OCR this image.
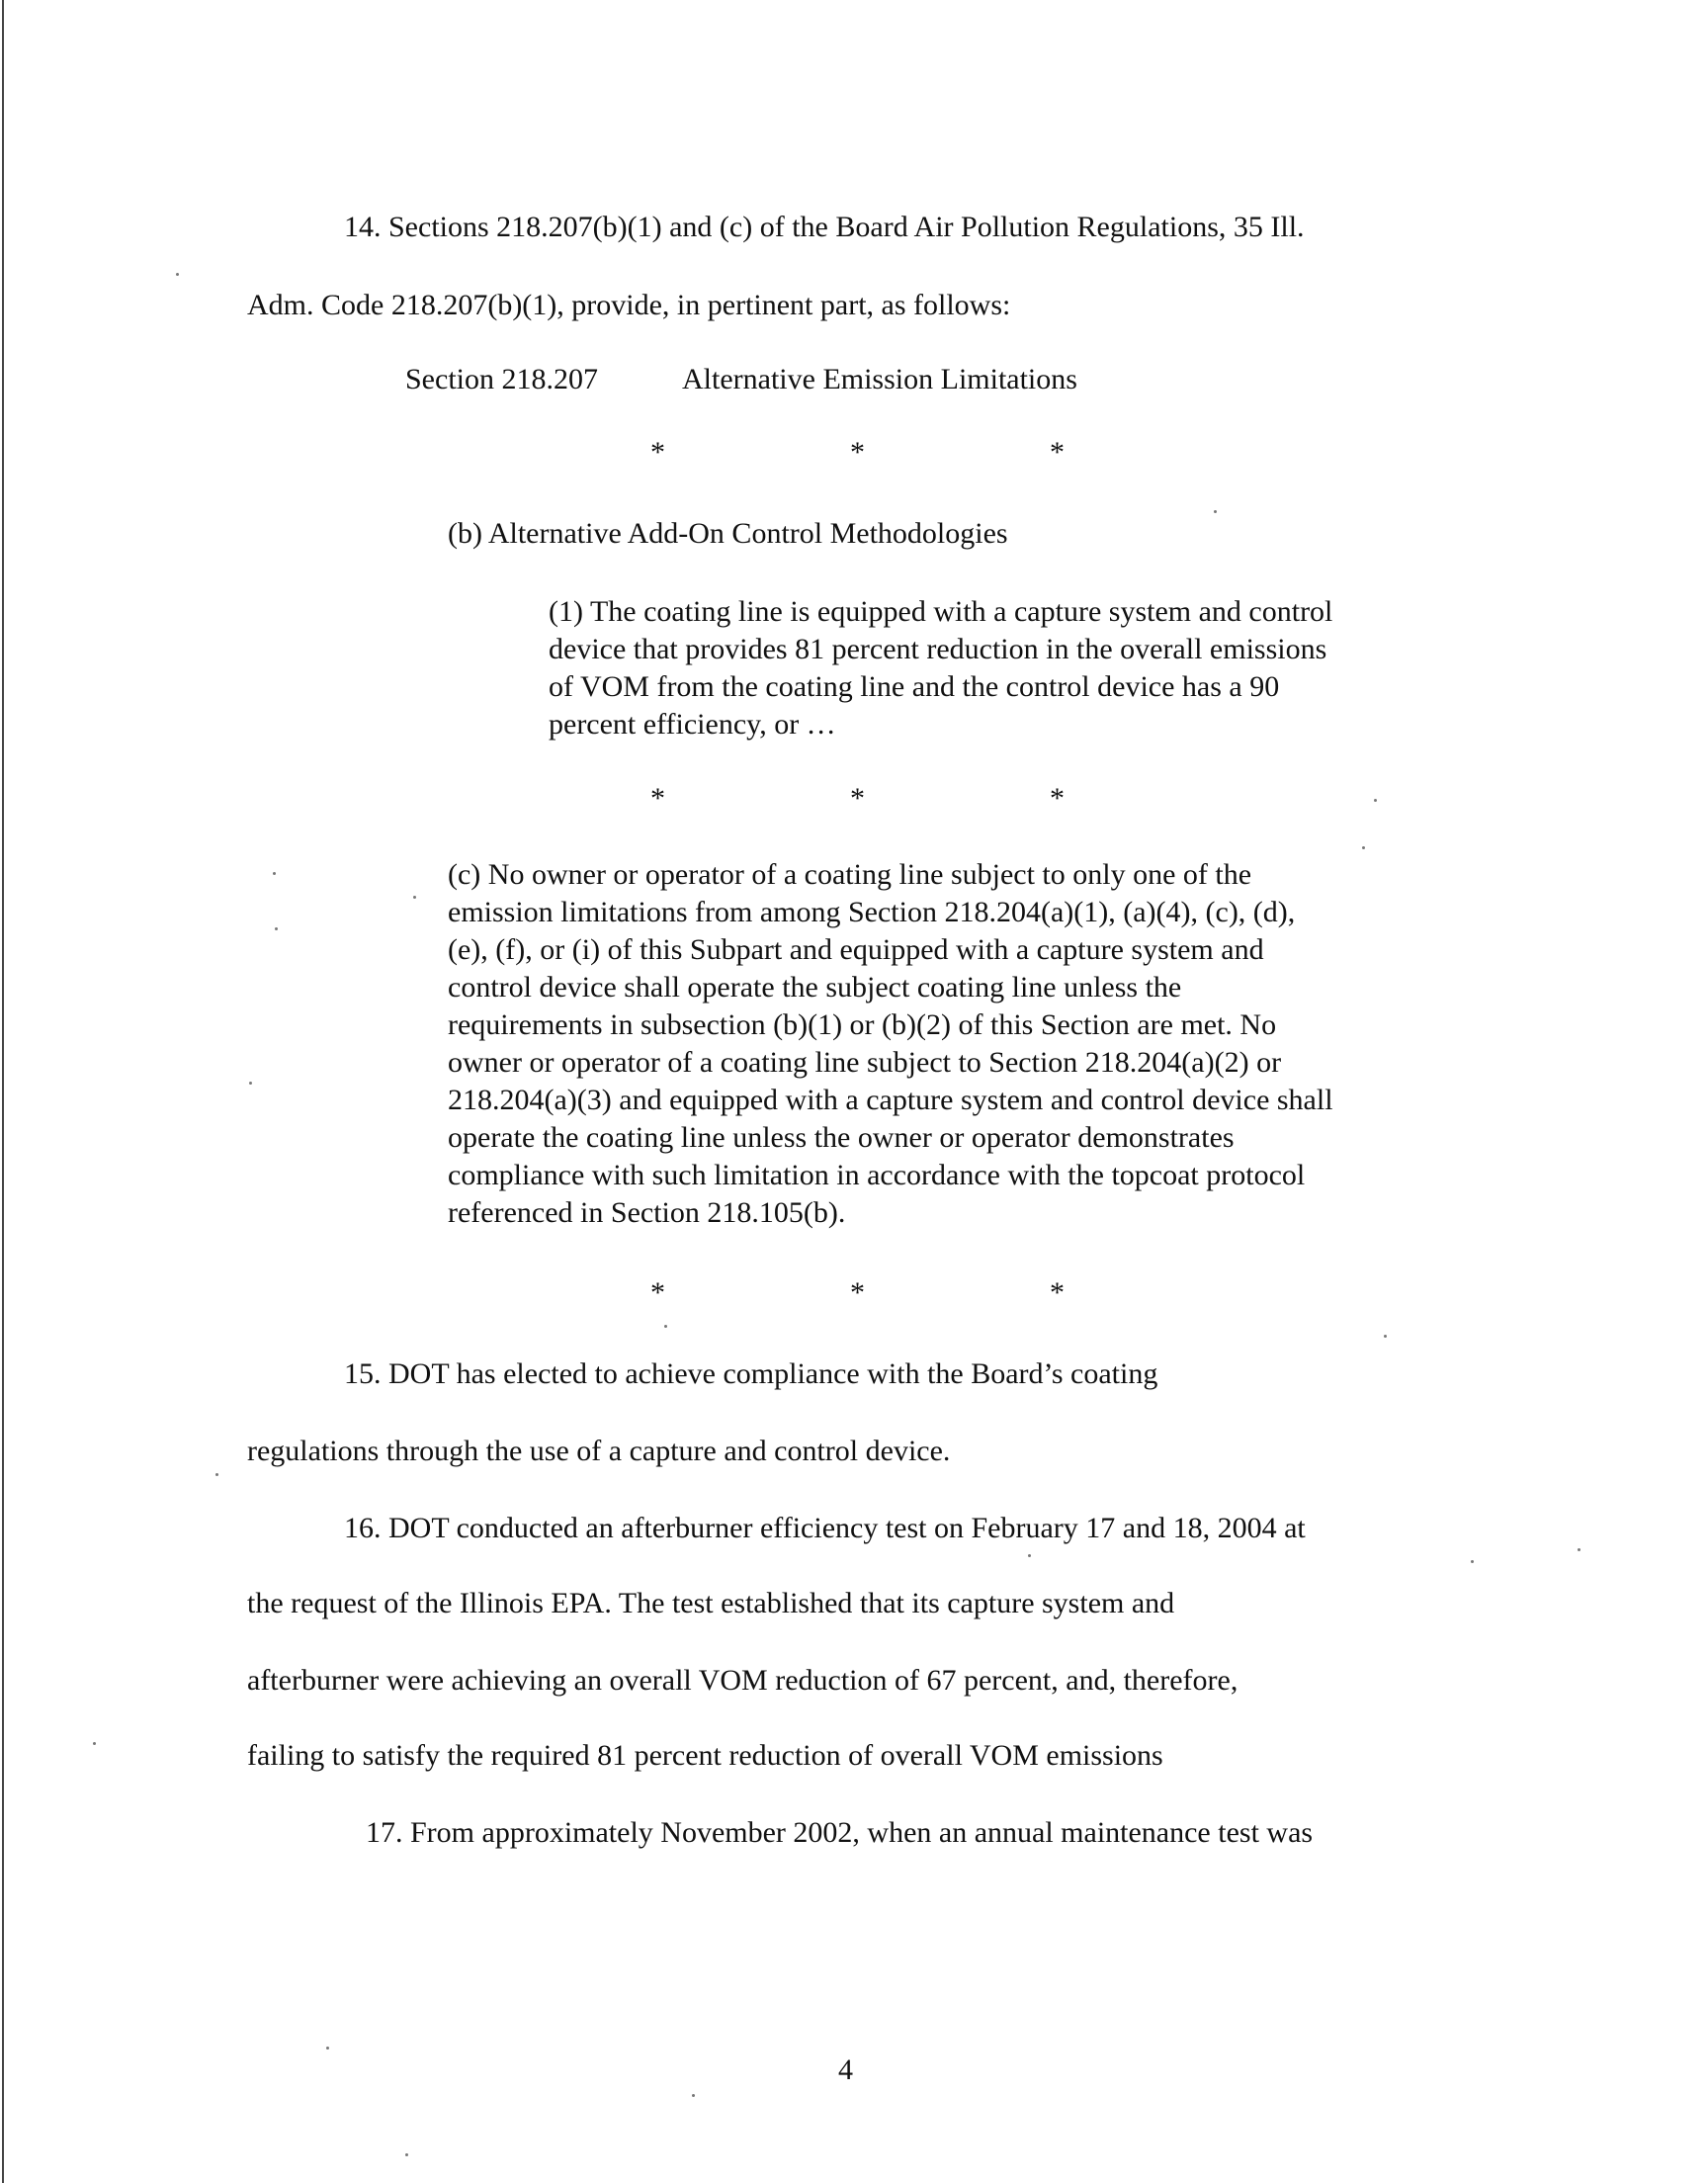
14. Sections 218.207(b)(1) and (c) of the Board Air Pollution Regulations, 35 Ill.
Adm. Code 218.207(b)(1), provide, in pertinent part, as follows:
Section 218.207	Alternative Emission Limitations
*	*	*
(b) Alternative Add-On Control Methodologies
(1) The coating line is equipped with a capture system and control
device that provides 81 percent reduction in the overall emissions
of VOM from the coating line and the control device has a 90
percent efficiency, or …
*	*	*
(c) No owner or operator of a coating line subject to only one of the
emission limitations from among Section 218.204(a)(1), (a)(4), (c), (d),
(e), (f), or (i) of this Subpart and equipped with a capture system and
control device shall operate the subject coating line unless the
requirements in subsection (b)(1) or (b)(2) of this Section are met. No
owner or operator of a coating line subject to Section 218.204(a)(2) or
218.204(a)(3) and equipped with a capture system and control device shall
operate the coating line unless the owner or operator demonstrates
compliance with such limitation in accordance with the topcoat protocol
referenced in Section 218.105(b).
*	*	*
15. DOT has elected to achieve compliance with the Board’s coating
regulations through the use of a capture and control device.
16. DOT conducted an afterburner efficiency test on February 17 and 18, 2004 at
the request of the Illinois EPA. The test established that its capture system and
afterburner were achieving an overall VOM reduction of 67 percent, and, therefore,
failing to satisfy the required 81 percent reduction of overall VOM emissions
17. From approximately November 2002, when an annual maintenance test was
4
